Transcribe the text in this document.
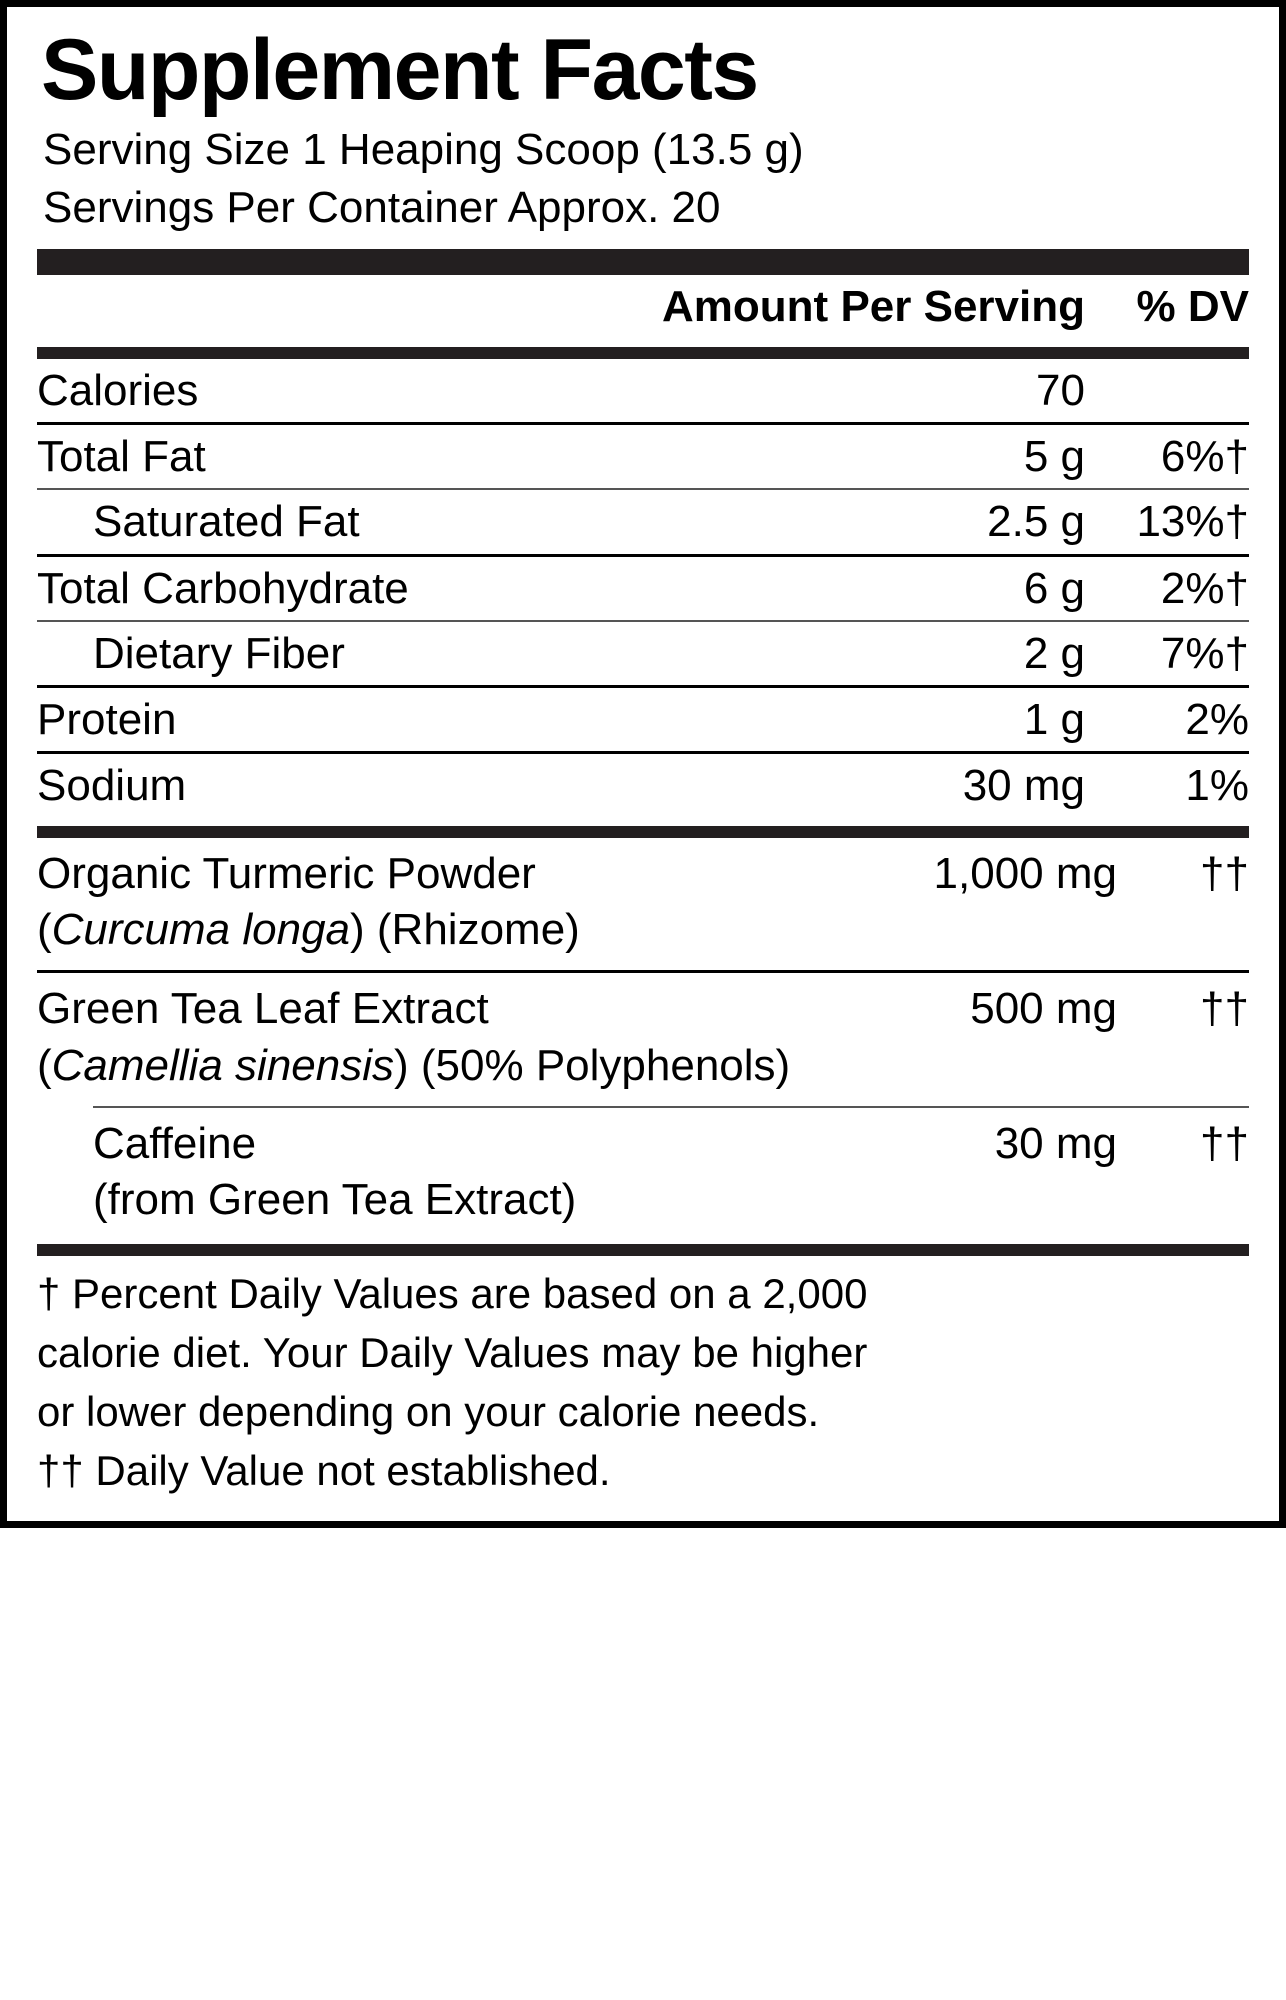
Supplement Facts
Serving Size 1 Heaping Scoop (13.5 g)
Servings Per Container Approx. 20
	Amount Per Serving	% DV
Calories	70	
Total Fat	5 g	6%†
Saturated Fat	2.5 g	13%†
Total Carbohydrate	6 g	2%†
Dietary Fiber	2 g	7%†
Protein	1 g	2%
Sodium	30 mg	1%
Organic Turmeric Powder	1,000 mg	††
(Curcuma longa) (Rhizome)
Green Tea Leaf Extract	500 mg	††
(Camellia sinensis) (50% Polyphenols)
Caffeine	30 mg	††
(from Green Tea Extract)

† Percent Daily Values are based on a 2,000

calorie diet. Your Daily Values may be higher

or lower depending on your calorie needs.

†† Daily Value not established.
